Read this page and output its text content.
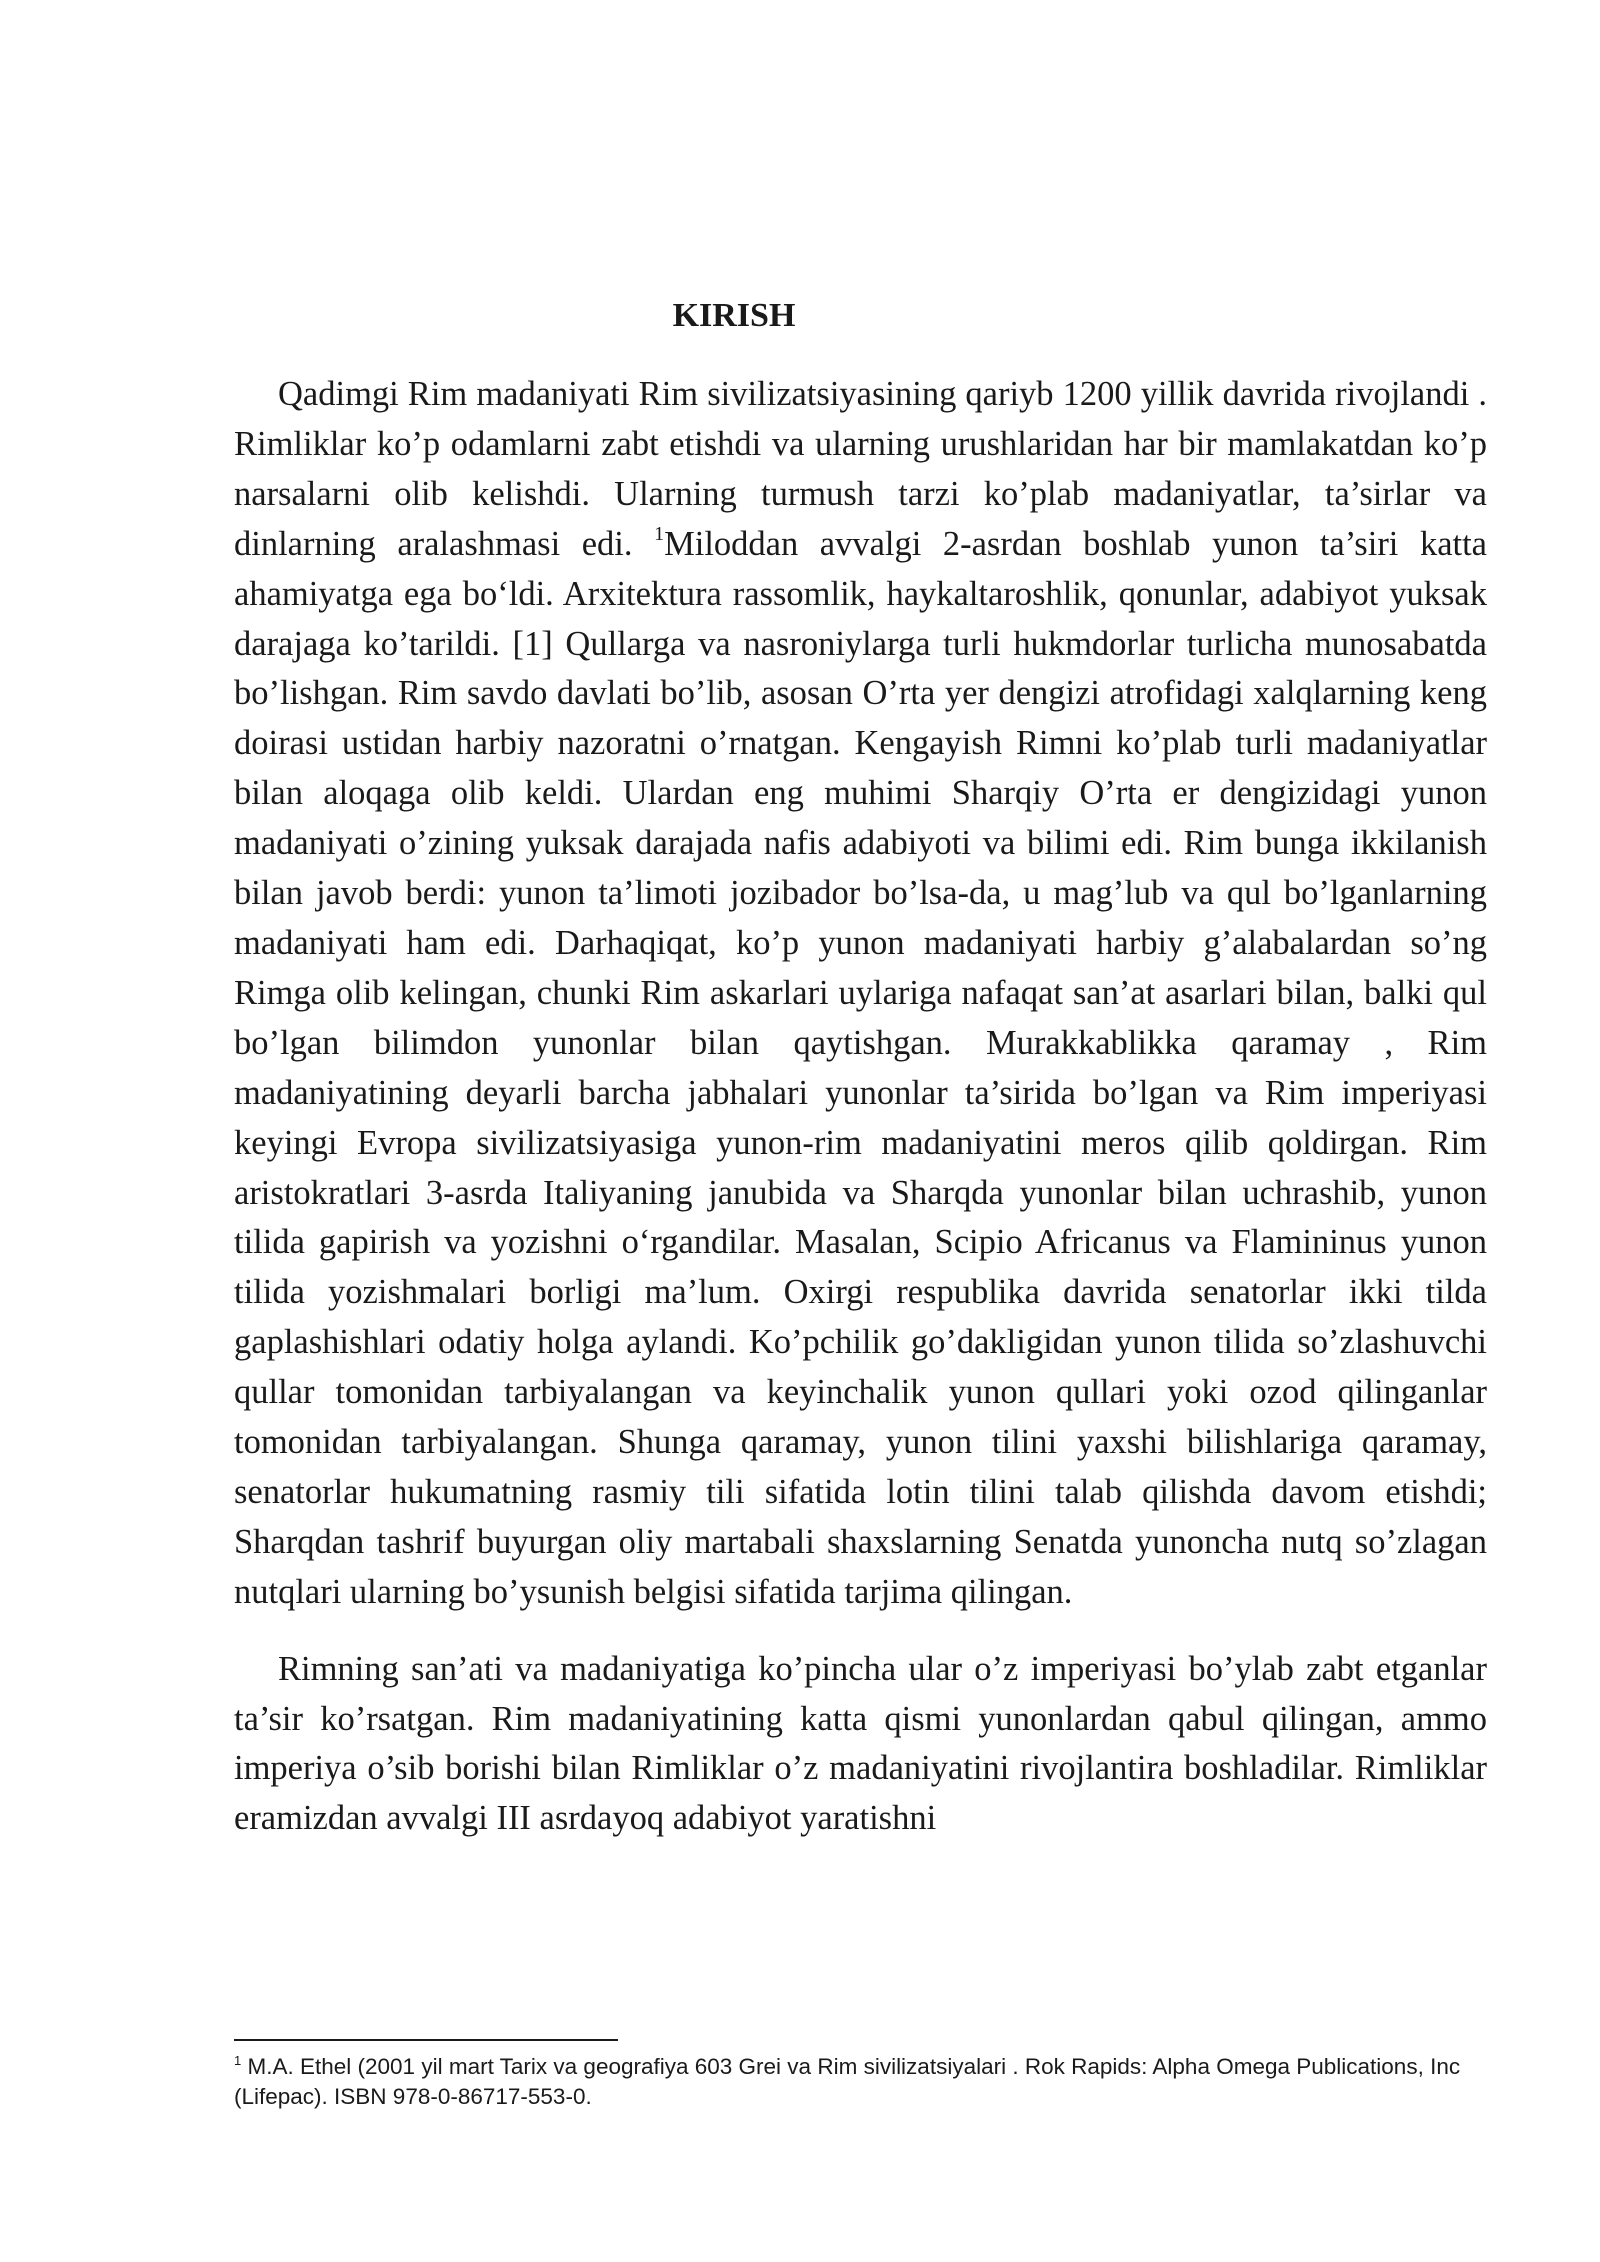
KIRISH

Qadimgi Rim madaniyati Rim sivilizatsiyasining qariyb 1200 yillik davrida rivojlandi . Rimliklar ko’p odamlarni zabt etishdi va ularning urushlaridan har bir mamlakatdan ko’p narsalarni olib kelishdi. Ularning turmush tarzi ko’plab madaniyatlar, ta’sirlar va dinlarning aralashmasi edi. $^1$Miloddan avvalgi 2-asrdan boshlab yunon ta’siri katta ahamiyatga ega bo‘ldi. Arxitektura rassomlik, haykaltaroshlik, qonunlar, adabiyot yuksak darajaga ko’tarildi. [1] Qullarga va nasroniylarga turli hukmdorlar turlicha munosabatda bo’lishgan. Rim savdo davlati bo’lib, asosan O’rta yer dengizi atrofidagi xalqlarning keng doirasi ustidan harbiy nazoratni o’rnatgan. Kengayish Rimni ko’plab turli madaniyatlar bilan aloqaga olib keldi. Ulardan eng muhimi Sharqiy O’rta er dengizidagi yunon madaniyati o’zining yuksak darajada nafis adabiyoti va bilimi edi. Rim bunga ikkilanish bilan javob berdi: yunon ta’limoti jozibador bo’lsa-da, u mag’lub va qul bo’lganlarning madaniyati ham edi. Darhaqiqat, ko’p yunon madaniyati harbiy g’alabalardan so’ng Rimga olib kelingan, chunki Rim askarlari uylariga nafaqat san’at asarlari bilan, balki qul bo’lgan bilimdon yunonlar bilan qaytishgan. Murakkablikka qaramay , Rim madaniyatining deyarli barcha jabhalari yunonlar ta’sirida bo’lgan va Rim imperiyasi keyingi Evropa sivilizatsiyasiga yunon-rim madaniyatini meros qilib qoldirgan. Rim aristokratlari 3-asrda Italiyaning janubida va Sharqda yunonlar bilan uchrashib, yunon tilida gapirish va yozishni o‘rgandilar. Masalan, Scipio Africanus va Flamininus yunon tilida yozishmalari borligi ma’lum. Oxirgi respublika davrida senatorlar ikki tilda gaplashishlari odatiy holga aylandi. Ko’pchilik go’dakligidan yunon tilida so’zlashuvchi qullar tomonidan tarbiyalangan va keyinchalik yunon qullari yoki ozod qilinganlar tomonidan tarbiyalangan. Shunga qaramay, yunon tilini yaxshi bilishlariga qaramay, senatorlar hukumatning rasmiy tili sifatida lotin tilini talab qilishda davom etishdi; Sharqdan tashrif buyurgan oliy martabali shaxslarning Senatda yunoncha nutq so’zlagan nutqlari ularning bo’ysunish belgisi sifatida tarjima qilingan.

Rimning san’ati va madaniyatiga ko’pincha ular o’z imperiyasi bo’ylab zabt etganlar ta’sir ko’rsatgan. Rim madaniyatining katta qismi yunonlardan qabul qilingan, ammo imperiya o’sib borishi bilan Rimliklar o’z madaniyatini rivojlantira boshladilar. Rimliklar eramizdan avvalgi III asrdayoq adabiyot yaratishni

$^1$ M.A. Ethel (2001 yil mart Tarix va geografiya 603 Grei va Rim sivilizatsiyalari . Rok Rapids: Alpha Omega Publications, Inc (Lifepac). ISBN 978-0-86717-553-0.
